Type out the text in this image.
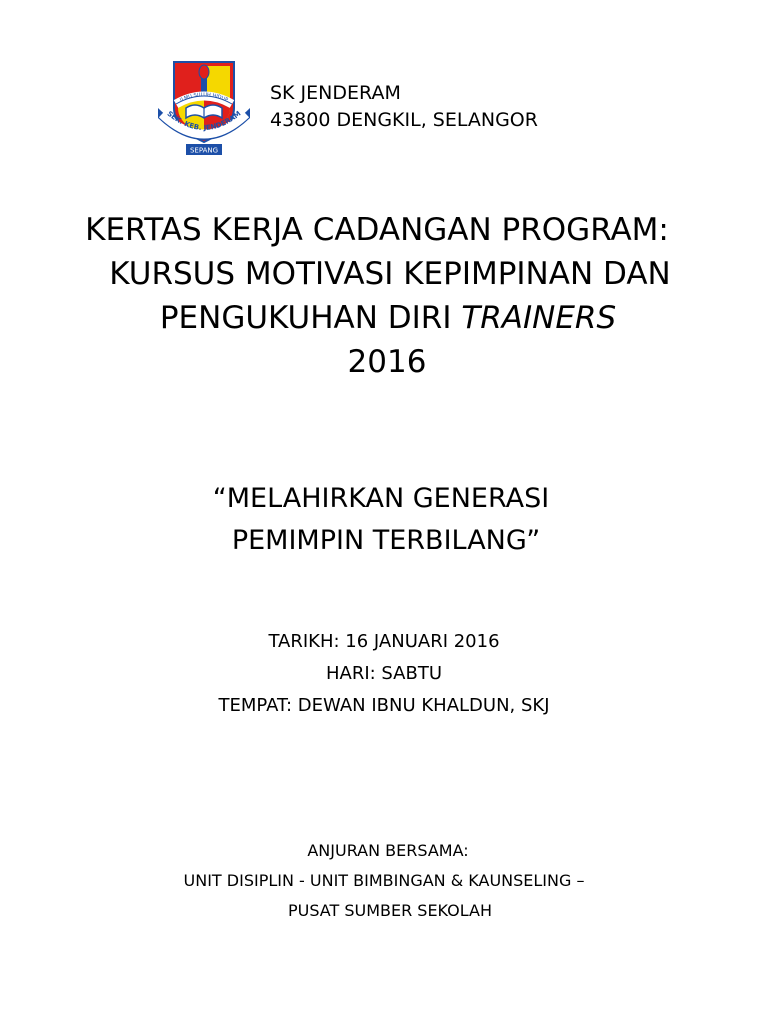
ILMU SULUH HIDUP
SEK. KEB. JENDERAM
SEPANG
SK JENDERAM
43800 DENGKIL, SELANGOR
KERTAS KERJA CADANGAN PROGRAM:
KURSUS MOTIVASI KEPIMPINAN DAN
PENGUKUHAN DIRI TRAINERS
2016
“MELAHIRKAN GENERASI
PEMIMPIN TERBILANG”
TARIKH: 16 JANUARI 2016
HARI: SABTU
TEMPAT: DEWAN IBNU KHALDUN, SKJ
ANJURAN BERSAMA:
UNIT DISIPLIN - UNIT BIMBINGAN & KAUNSELING –
PUSAT SUMBER SEKOLAH
